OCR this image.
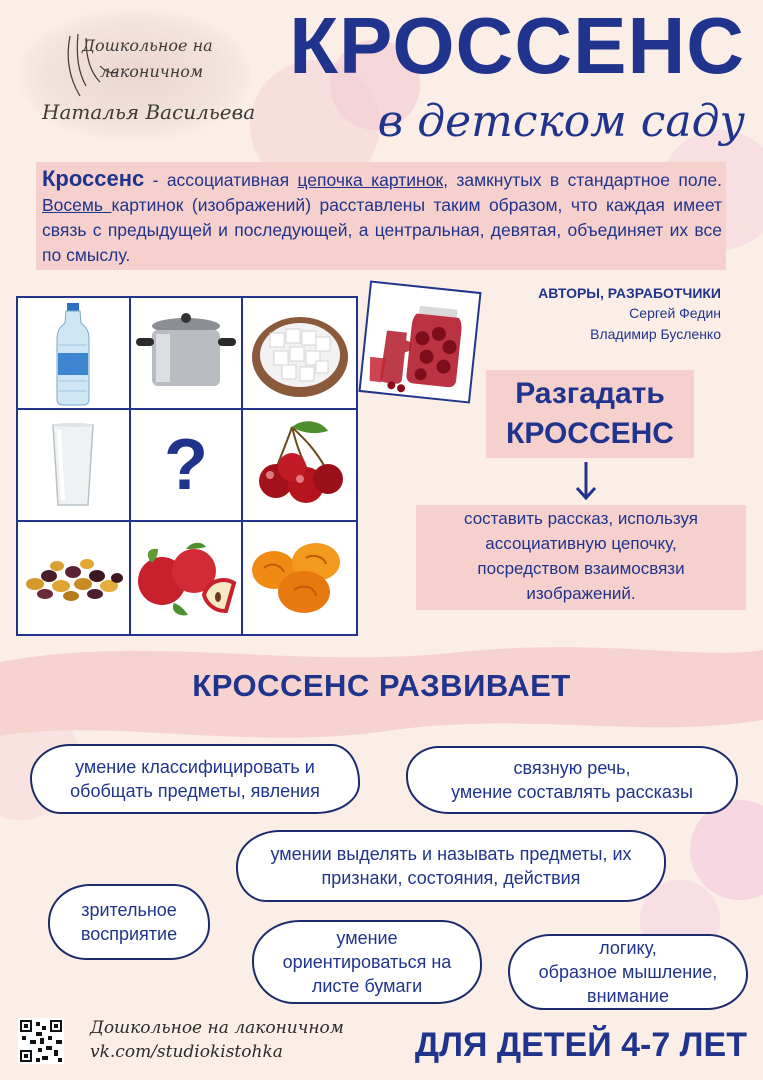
Дошкольное на
лаконичном
Наталья Васильева
КРОССЕНС
в детском саду

Кроссенс - ассоциативная цепочка картинок, замкнутых в стандартное поле. Восемь картинок (изображений) расставлены таким образом, что каждая имеет связь с предыдущей и последующей, а центральная, девятая, объединяет их все по смыслу.

?
АВТОРЫ, РАЗРАБОТЧИКИ
Сергей Федин
Владимир Бусленко
Разгадать
КРОССЕНС
составить рассказ, используя
ассоциативную цепочку,
посредством взаимосвязи
изображений.
КРОССЕНС РАЗВИВАЕТ
умение классифицировать и
обобщать предметы, явления
связную речь,
умение составлять рассказы
умении выделять и называть предметы, их
признаки, состояния, действия
зрительное
восприятие	умение
ориентироваться на
листе бумаги
логику,
образное мышление,
внимание
Дошкольное на лаконичном
vk.com/studiokistohka	ДЛЯ ДЕТЕЙ 4-7 ЛЕТ
